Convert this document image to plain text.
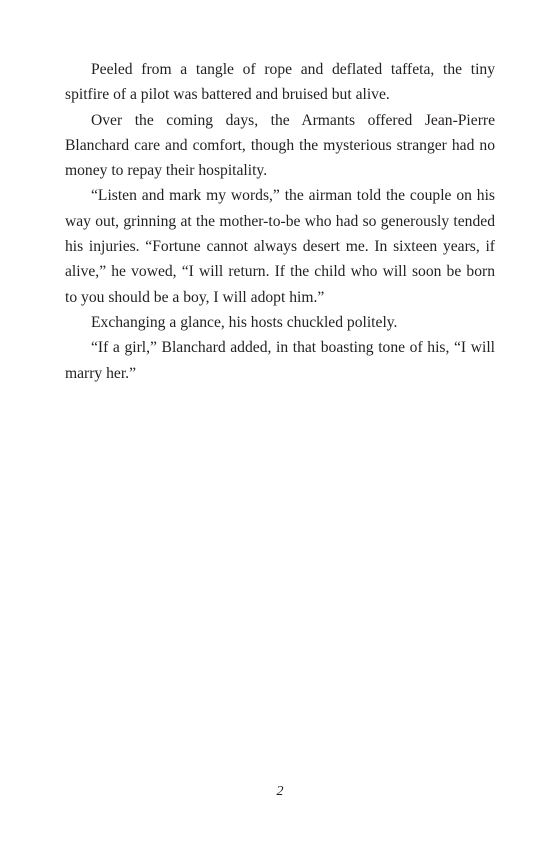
Peeled from a tangle of rope and deflated taffeta, the tiny spitfire of a pilot was battered and bruised but alive.

Over the coming days, the Armants offered Jean-Pierre Blanchard care and comfort, though the mysterious stranger had no money to repay their hospitality.

“Listen and mark my words,” the airman told the couple on his way out, grinning at the mother-to-be who had so generously tended his injuries. “Fortune cannot always desert me. In sixteen years, if alive,” he vowed, “I will return. If the child who will soon be born to you should be a boy, I will adopt him.”

Exchanging a glance, his hosts chuckled politely.

“If a girl,” Blanchard added, in that boasting tone of his, “I will marry her.”

2
